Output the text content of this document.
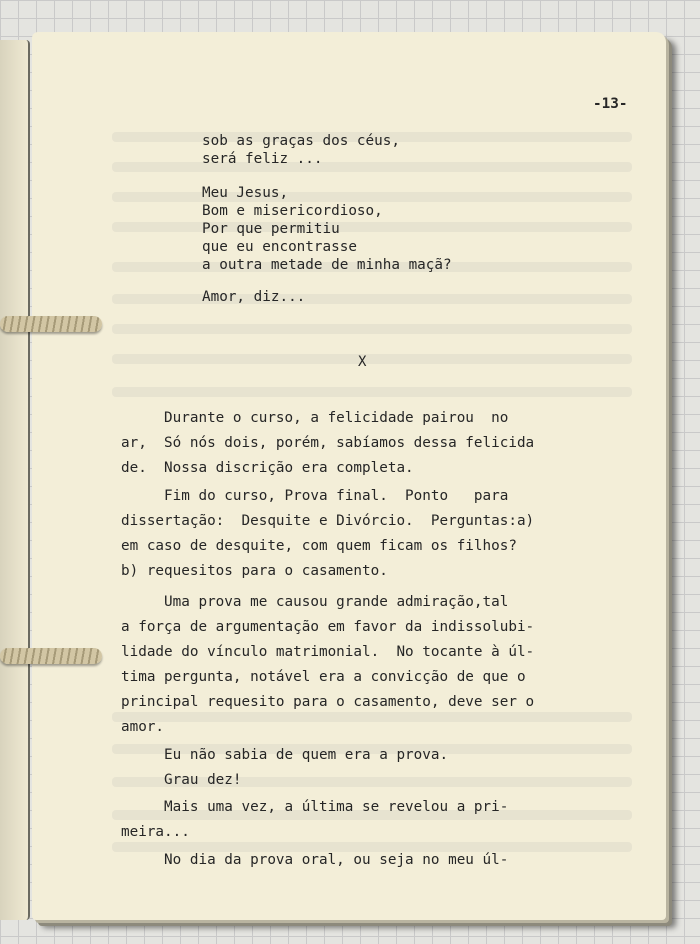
-13-
sob as graças dos céus,
será feliz ...
Meu Jesus,
Bom e misericordioso,
Por que permitiu
que eu encontrasse
a outra metade de minha maçã?
Amor, diz...
X
Durante o curso, a felicidade pairou  no
ar,  Só nós dois, porém, sabíamos dessa felicida
de.  Nossa discrição era completa.
Fim do curso, Prova final.  Ponto   para
dissertação:  Desquite e Divórcio.  Perguntas:a)
em caso de desquite, com quem ficam os filhos?
b) requesitos para o casamento.
Uma prova me causou grande admiração,tal
a força de argumentação em favor da indissolubi-
lidade do vínculo matrimonial.  No tocante à úl-
tima pergunta, notável era a convicção de que o
principal requesito para o casamento, deve ser o
amor.
Eu não sabia de quem era a prova.
Grau dez!
Mais uma vez, a última se revelou a pri-
meira...
No dia da prova oral, ou seja no meu úl-
